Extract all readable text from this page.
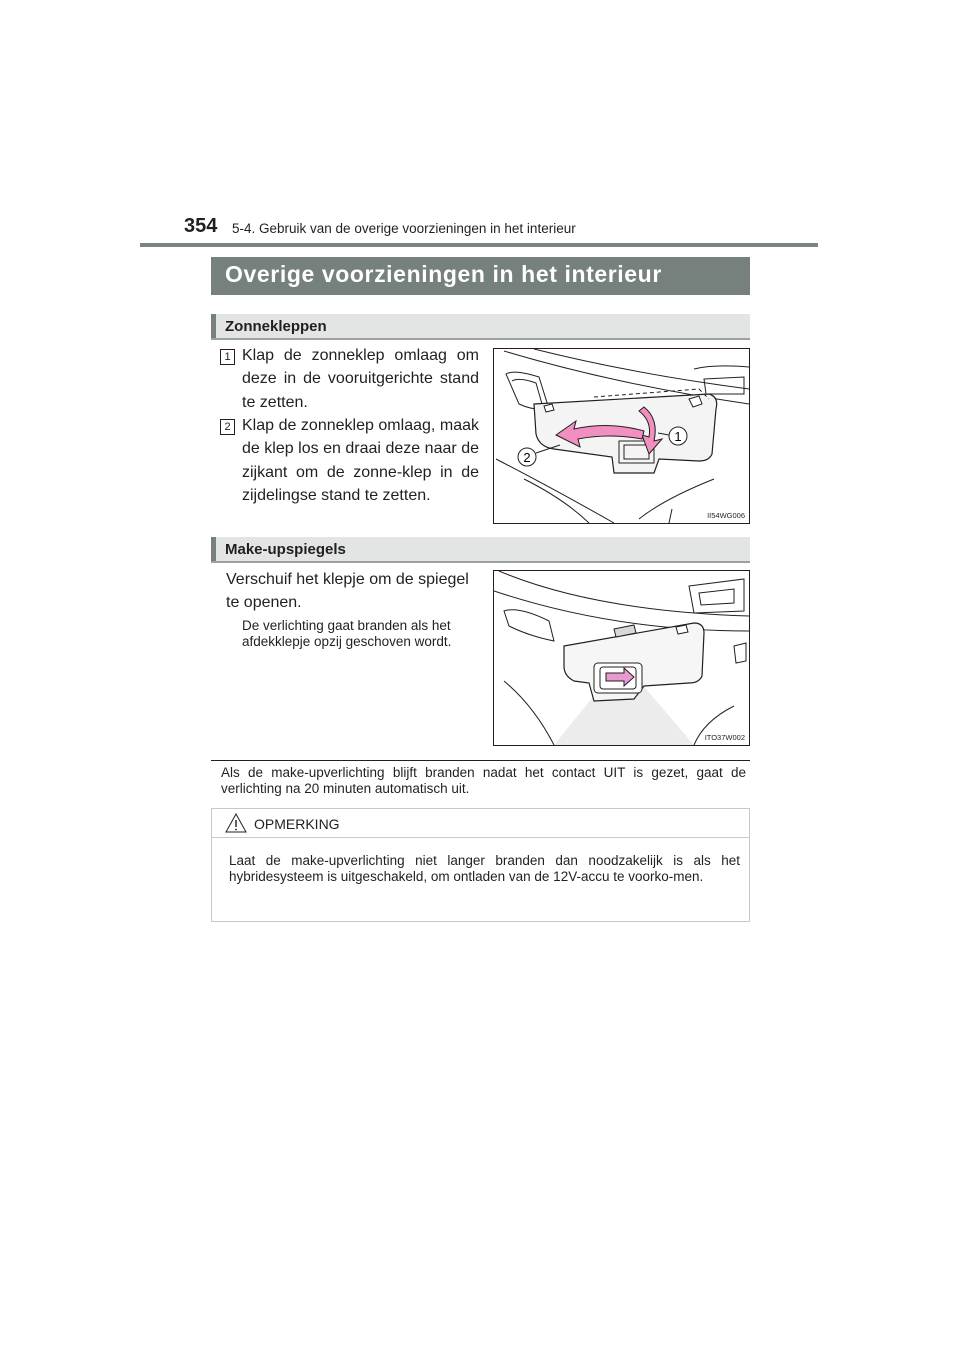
354 5-4. Gebruik van de overige voorzieningen in het interieur
Overige voorzieningen in het interieur
Zonnekleppen
1 Klap de zonneklep omlaag om deze in de vooruitgerichte stand te zetten.
2 Klap de zonneklep omlaag, maak de klep los en draai deze naar de zijkant om de zonne-klep in de zijdelingse stand te zetten.
1
2
II54WG006
Make-upspiegels
Verschuif het klepje om de spiegel te openen.
De verlichting gaat branden als het afdekklepje opzij geschoven wordt.
ITO37W002
Als de make-upverlichting blijft branden nadat het contact UIT is gezet, gaat de verlichting na 20 minuten automatisch uit.
OPMERKING
Laat de make-upverlichting niet langer branden dan noodzakelijk is als het hybridesysteem is uitgeschakeld, om ontladen van de 12V-accu te voorko-men.
